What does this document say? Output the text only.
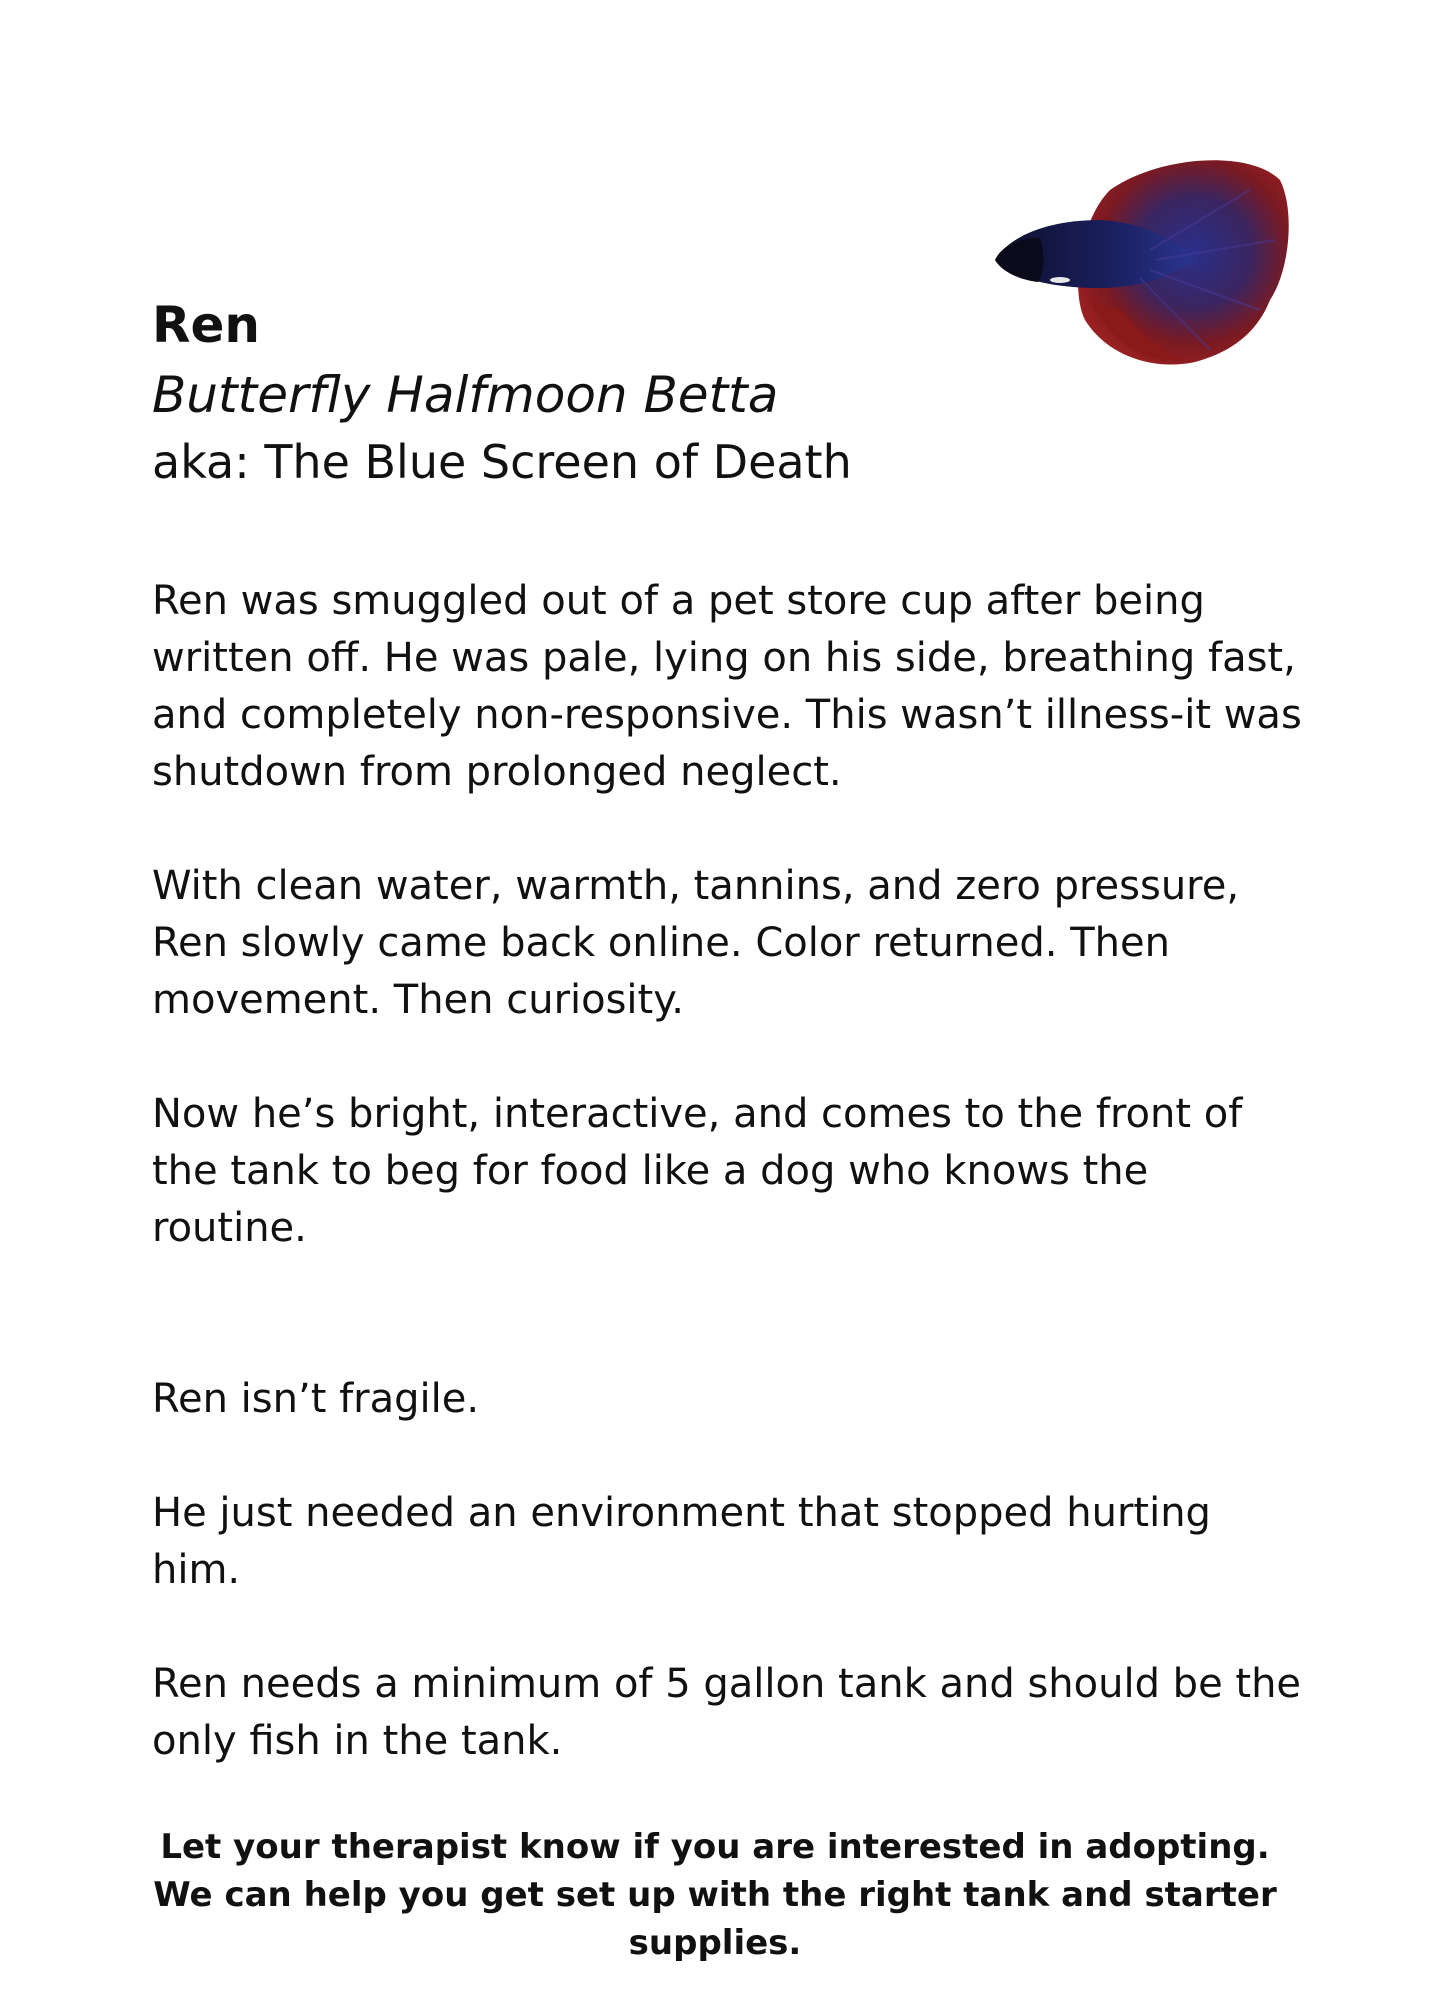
Ren

Butterfly Halfmoon Betta

aka: The Blue Screen of Death

Ren was smuggled out of a pet store cup after being
written off. He was pale, lying on his side, breathing fast,
and completely non-responsive. This wasn’t illness-it was
shutdown from prolonged neglect.

With clean water, warmth, tannins, and zero pressure,
Ren slowly came back online. Color returned. Then
movement. Then curiosity.

Now he’s bright, interactive, and comes to the front of
the tank to beg for food like a dog who knows the
routine.

Ren isn’t fragile.

He just needed an environment that stopped hurting
him.

Ren needs a minimum of 5 gallon tank and should be the
only fish in the tank.

Let your therapist know if you are interested in adopting.
We can help you get set up with the right tank and starter
supplies.
